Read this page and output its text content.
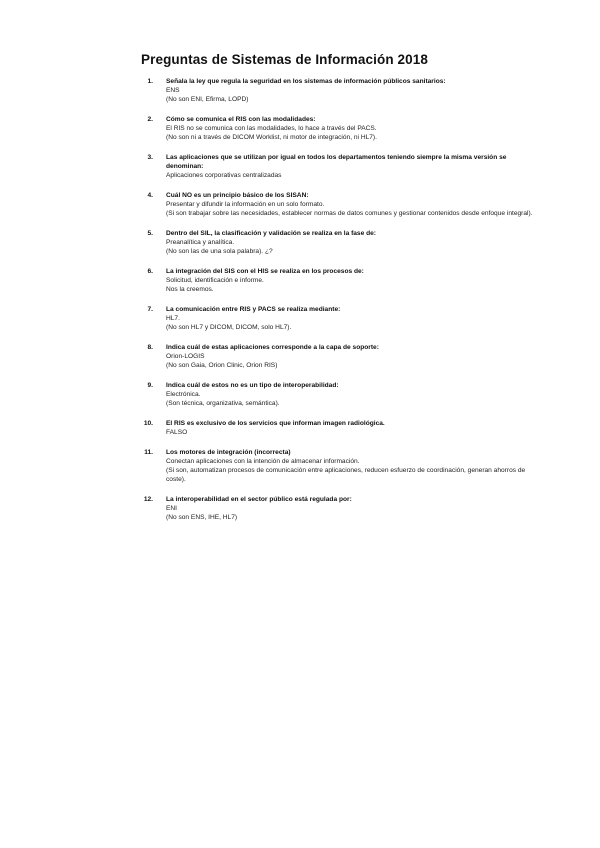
Preguntas de Sistemas de Información 2018
1. Señala la ley que regula la seguridad en los sistemas de información públicos sanitarios:
ENS
(No son ENI, Efirma, LOPD)
2. Cómo se comunica el RIS con las modalidades:
El RIS no se comunica con las modalidades, lo hace a través del PACS.
(No son ni a través de DICOM Worklist, ni motor de integración, ni HL7).
3. Las aplicaciones que se utilizan por igual en todos los departamentos teniendo siempre la misma versión se denominan:
Aplicaciones corporativas centralizadas
4. Cuál NO es un principio básico de los SISAN:
Presentar y difundir la información en un solo formato.
(Si son trabajar sobre las necesidades, establecer normas de datos comunes y gestionar contenidos desde enfoque integral).
5. Dentro del SIL, la clasificación y validación se realiza en la fase de:
Preanalítica y analítica.
(No son las de una sola palabra). ¿?
6. La integración del SIS con el HIS se realiza en los procesos de:
Solicitud, identificación e informe.
Nos la creemos.
7. La comunicación entre RIS y PACS se realiza mediante:
HL7.
(No son HL7 y DICOM, DICOM, solo HL7).
8. Indica cuál de estas aplicaciones corresponde a la capa de soporte:
Orion-LOGIS
(No son Gaia, Orion Clinic, Orion RIS)
9. Indica cuál de estos no es un tipo de interoperabilidad:
Electrónica.
(Son técnica, organizativa, semántica).
10. El RIS es exclusivo de los servicios que informan imagen radiológica.
FALSO
11. Los motores de integración (incorrecta)
Conectan aplicaciones con la intención de almacenar información.
(Si son, automatizan procesos de comunicación entre aplicaciones, reducen esfuerzo de coordinación, generan ahorros de coste).
12. La interoperabilidad en el sector público está regulada por:
ENI
(No son ENS, IHE, HL7)
